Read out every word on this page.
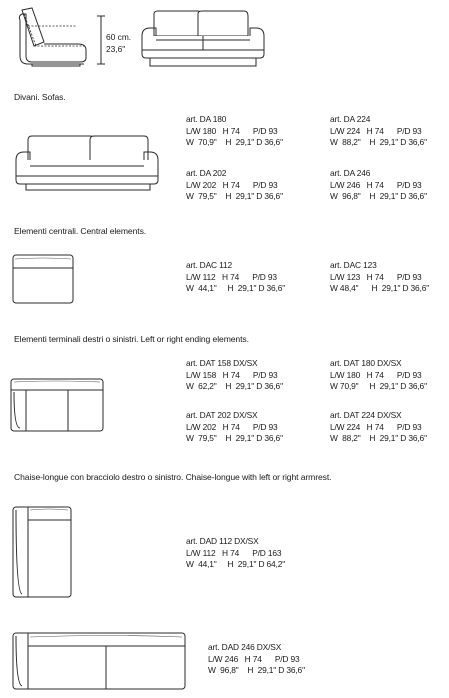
60 cm.
23,6"
Divani. Sofas.
art. DA 180
L/W 180   H 74      P/D 93
W  70,9"    H  29,1" D 36,6"
art. DA 224
L/W 224   H 74      P/D 93
W  88,2"    H  29,1" D 36,6"
art. DA 202
L/W 202   H 74      P/D 93
W  79,5"    H  29,1" D 36,6"
art. DA 246
L/W 246   H 74      P/D 93
W  96,8"    H  29,1" D 36,6"
Elementi centrali. Central elements.
art. DAC 112
L/W 112   H 74      P/D 93
W  44,1"     H  29,1" D 36,6"
art. DAC 123
L/W 123   H 74      P/D 93
W 48,4"      H  29,1" D 36,6"
Elementi terminali destri o sinistri. Left or right ending elements.
art. DAT 158 DX/SX
L/W 158   H 74      P/D 93
W  62,2"    H  29,1" D 36,6"
art. DAT 180 DX/SX
L/W 180   H 74      P/D 93
W 70,9"     H  29,1" D 36,6"
art. DAT 202 DX/SX
L/W 202   H 74      P/D 93
W  79,5"    H  29,1" D 36,6"
art. DAT 224 DX/SX
L/W 224   H 74      P/D 93
W  88,2"    H  29,1" D 36,6"
Chaise-longue con bracciolo destro o sinistro. Chaise-longue with left or right armrest.
art. DAD 112 DX/SX
L/W 112   H 74      P/D 163
W  44,1"     H  29,1" D 64,2"
art. DAD 246 DX/SX
L/W 246   H 74      P/D 93
W  96,8"    H  29,1" D 36,6"
